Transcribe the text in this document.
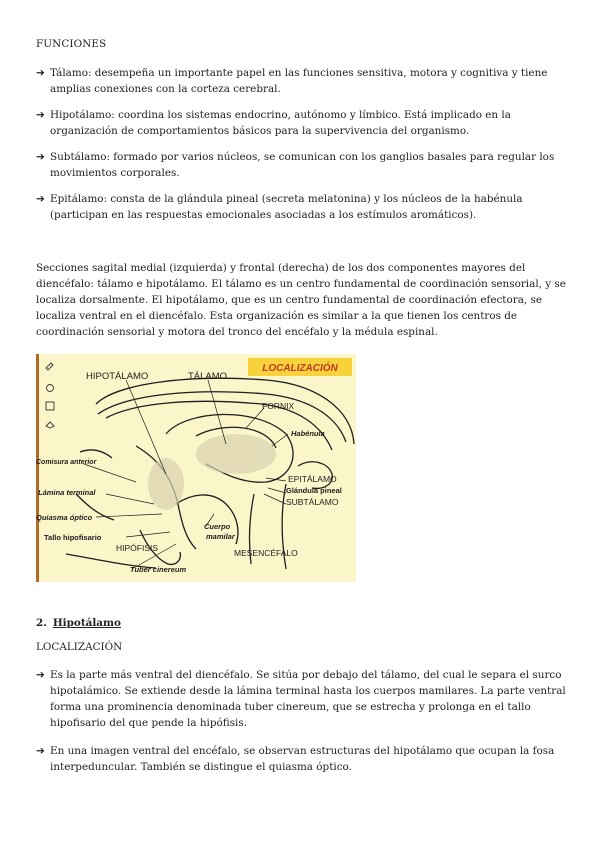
FUNCIONES
➔ Tálamo: desempeña un importante papel en las funciones sensitiva, motora y cognitiva y tiene amplias conexiones con la corteza cerebral.
➔ Hipotálamo: coordina los sistemas endocrino, autónomo y límbico. Está implicado en la organización de comportamientos básicos para la supervivencia del organismo.
➔ Subtálamo: formado por varios núcleos, se comunican con los ganglios basales para regular los movimientos corporales.
➔ Epitálamo: consta de la glándula pineal (secreta melatonina) y los núcleos de la habénula (participan en las respuestas emocionales asociadas a los estímulos aromáticos).
Secciones sagital medial (izquierda) y frontal (derecha) de los dos componentes mayores del diencéfalo: tálamo e hipotálamo. El tálamo es un centro fundamental de coordinación sensorial, y se localiza dorsalmente. El hipotálamo, que es un centro fundamental de coordinación efectora, se localiza ventral en el diencéfalo. Esta organización es similar a la que tienen los centros de coordinación sensorial y motora del tronco del encéfalo y la médula espinal.
LOCALIZACIÓN
HIPOTÁLAMO	TÁLAMO
FORNIX
Habénula
Comisura anterior
EPITÁLAMO
Glándula pineal
SUBTÁLAMO
Lámina terminal
Quiasma óptico
Cuerpo
mamilar
Tallo hipofisario
HIPÓFISIS	MESENCÉFALO
Tuber cinereum
2. Hipotálamo
LOCALIZACIÓN
➔ Es la parte más ventral del diencéfalo. Se sitúa por debajo del tálamo, del cual le separa el surco hipotalámico. Se extiende desde la lámina terminal hasta los cuerpos mamilares. La parte ventral forma una prominencia denominada tuber cinereum, que se estrecha y prolonga en el tallo hipofisario del que pende la hipófisis.
➔ En una imagen ventral del encéfalo, se observan estructuras del hipotálamo que ocupan la fosa interpeduncular. También se distingue el quiasma óptico.
